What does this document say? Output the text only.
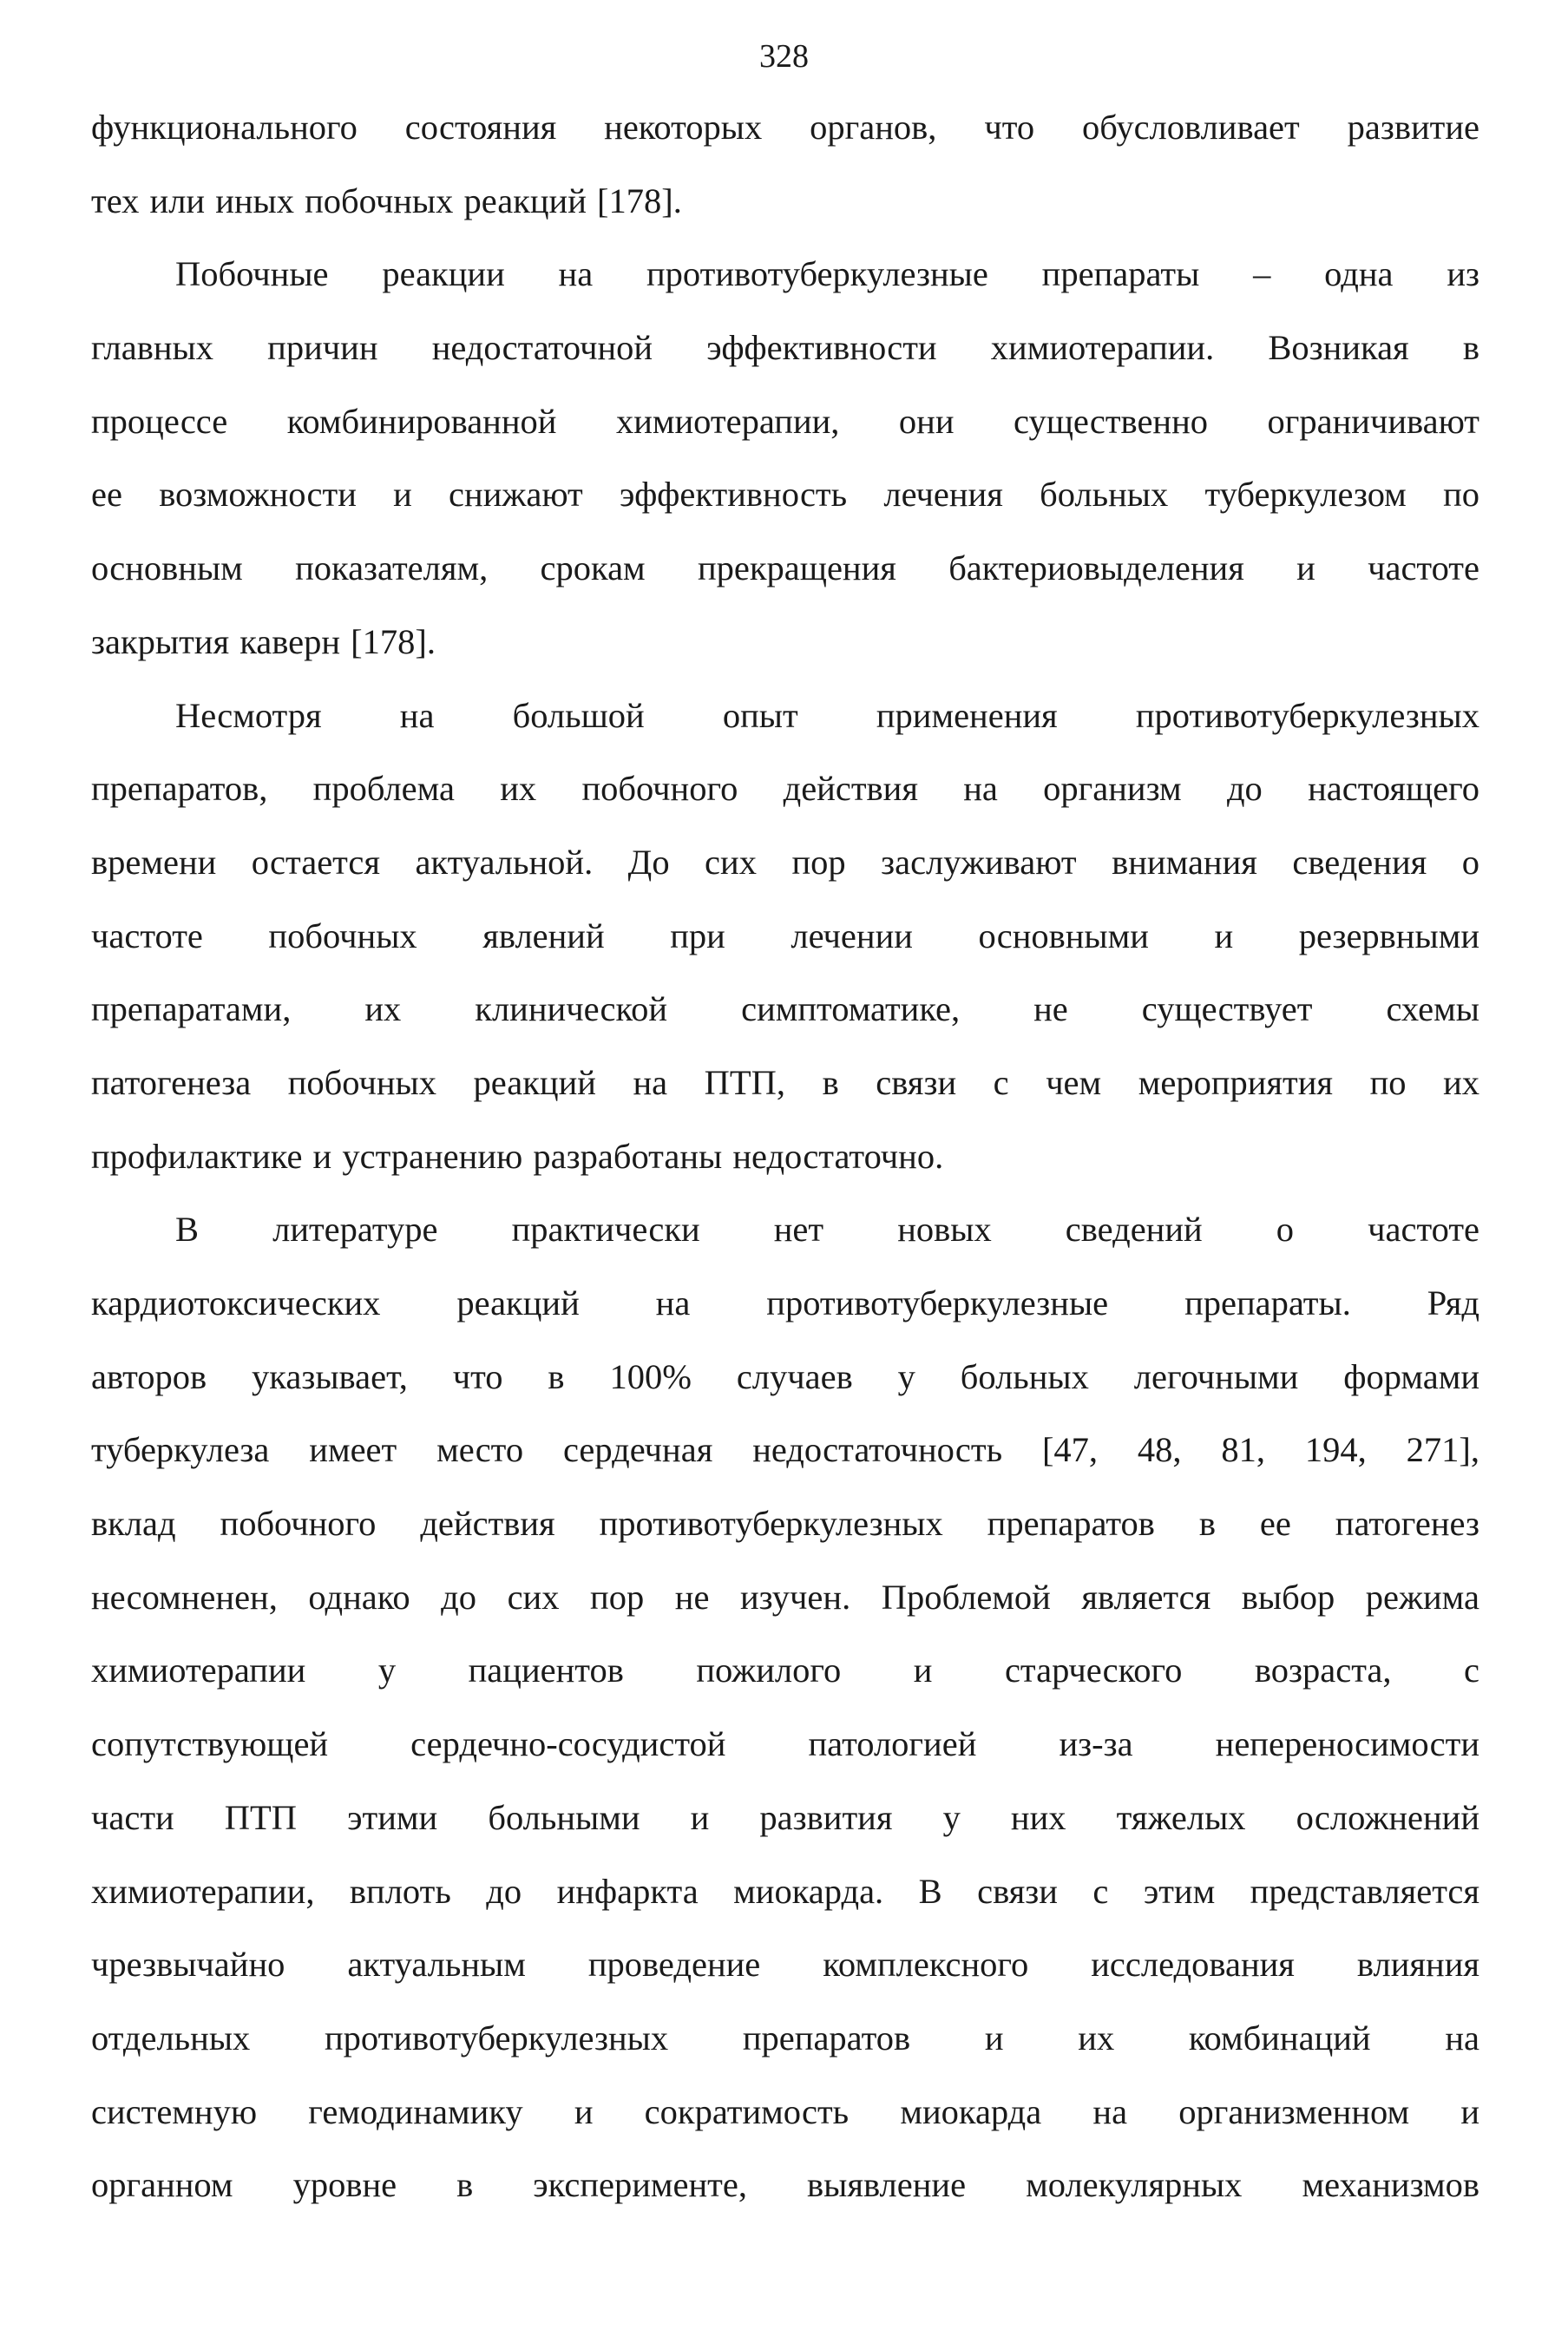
328
функционального состояния некоторых органов, что обусловливает развитие
тех или иных побочных реакций [178].
Побочные реакции на противотуберкулезные препараты – одна из
главных причин недостаточной эффективности химиотерапии. Возникая в
процессе комбинированной химиотерапии, они существенно ограничивают
ее возможности и снижают эффективность лечения больных туберкулезом по
основным показателям, срокам прекращения бактериовыделения и частоте
закрытия каверн [178].
Несмотря на большой опыт применения противотуберкулезных
препаратов, проблема их побочного действия на организм до настоящего
времени остается актуальной. До сих пор заслуживают внимания сведения о
частоте побочных явлений при лечении основными и резервными
препаратами, их клинической симптоматике, не существует схемы
патогенеза побочных реакций на ПТП, в связи с чем мероприятия по их
профилактике и устранению разработаны недостаточно.
В литературе практически нет новых сведений о частоте
кардиотоксических реакций на противотуберкулезные препараты. Ряд
авторов указывает, что в 100% случаев у больных легочными формами
туберкулеза имеет место сердечная недостаточность [47, 48, 81, 194, 271],
вклад побочного действия противотуберкулезных препаратов в ее патогенез
несомненен, однако до сих пор не изучен. Проблемой является выбор режима
химиотерапии у пациентов пожилого и старческого возраста, с
сопутствующей сердечно-сосудистой патологией из-за непереносимости
части ПТП этими больными и развития у них тяжелых осложнений
химиотерапии, вплоть до инфаркта миокарда. В связи с этим представляется
чрезвычайно актуальным проведение комплексного исследования влияния
отдельных противотуберкулезных препаратов и их комбинаций на
системную гемодинамику и сократимость миокарда на организменном и
органном уровне в эксперименте, выявление молекулярных механизмов
